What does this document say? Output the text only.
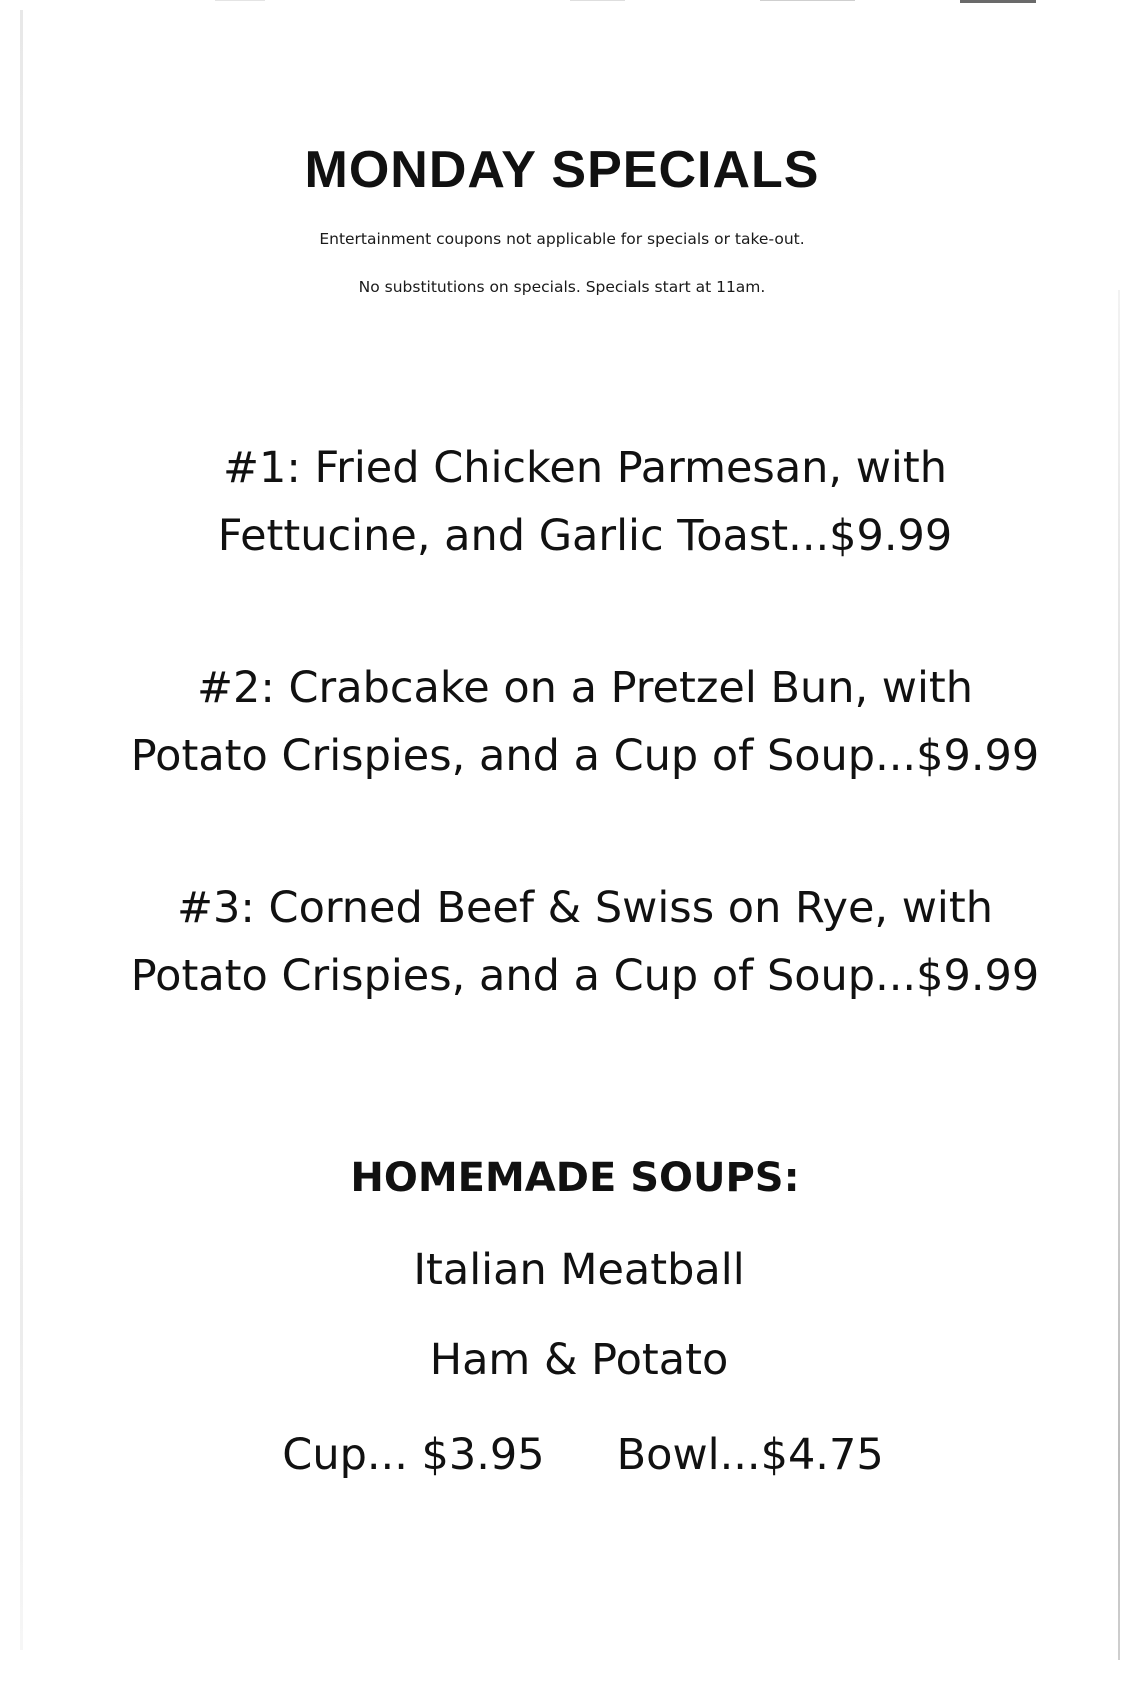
MONDAY SPECIALS
Entertainment coupons not applicable for specials or take-out.
No substitutions on specials. Specials start at 11am.
#1: Fried Chicken Parmesan, with
Fettucine, and Garlic Toast...$9.99
#2: Crabcake on a Pretzel Bun, with
Potato Crispies, and a Cup of Soup...$9.99
#3: Corned Beef & Swiss on Rye, with
Potato Crispies, and a Cup of Soup...$9.99
HOMEMADE SOUPS:
Italian Meatball
Ham & Potato
Cup... $3.95 Bowl...$4.75
